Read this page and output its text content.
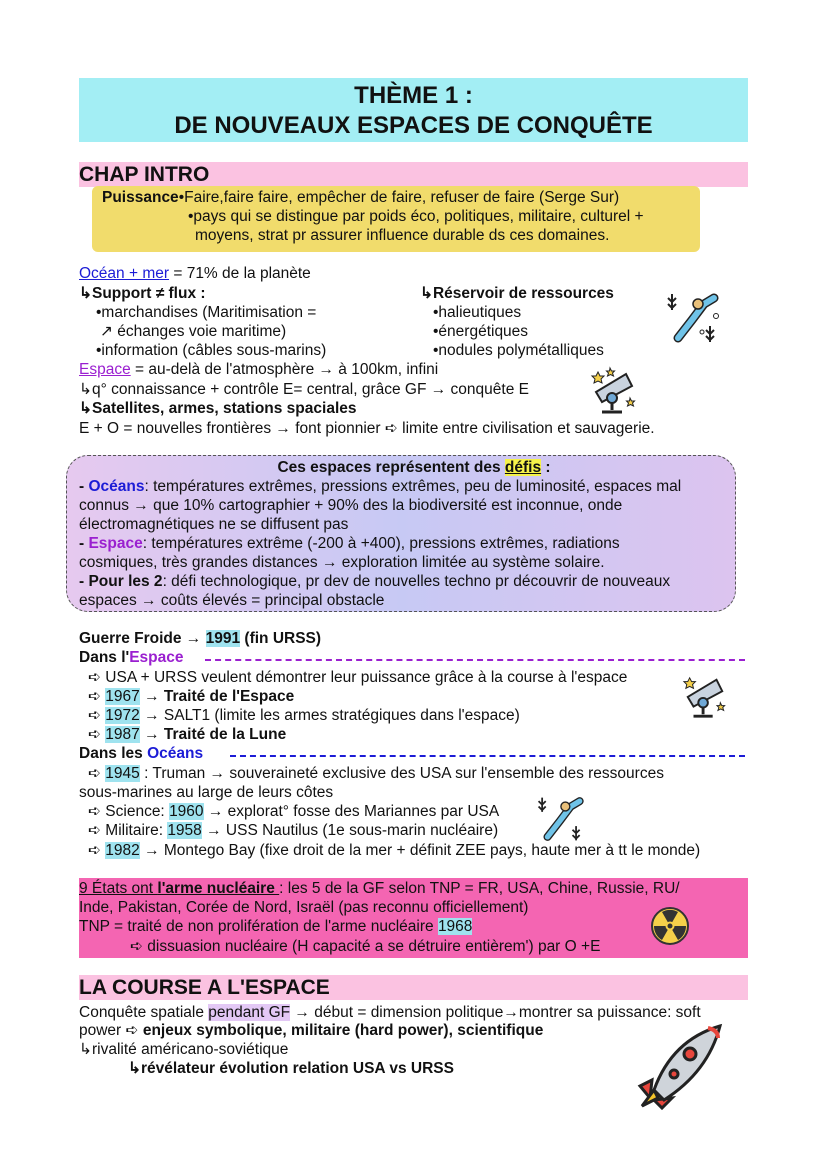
THÈME 1 :
DE NOUVEAUX ESPACES DE CONQUÊTE
CHAP INTRO
Puissance•Faire,faire faire, empêcher de faire, refuser de faire (Serge Sur)
•pays qui se distingue par poids éco, politiques, militaire, culturel +
moyens, strat pr assurer influence durable ds ces domaines.
Océan + mer = 71% de la planète
↳Support ≠ flux :
•marchandises (Maritimisation =
↗ échanges voie maritime)
•information (câbles sous-marins)
↳Réservoir de ressources
•halieutiques
•énergétiques
•nodules polymétalliques
Espace = au-delà de l'atmosphère → à 100km, infini
↳q° connaissance + contrôle E= central, grâce GF → conquête E
↳Satellites, armes, stations spaciales
E + O = nouvelles frontières → font pionnier ➪ limite entre civilisation et sauvagerie.
Ces espaces représentent des défis :
- Océans: températures extrêmes, pressions extrêmes, peu de luminosité, espaces mal
connus → que 10% cartographier + 90% des la biodiversité est inconnue, onde
électromagnétiques ne se diffusent pas
- Espace: températures extrême (-200 à +400), pressions extrêmes, radiations
cosmiques, très grandes distances → exploration limitée au système solaire.
- Pour les 2: défi technologique, pr dev de nouvelles techno pr découvrir de nouveaux
espaces → coûts élevés = principal obstacle
Guerre Froide → 1991 (fin URSS)
Dans l'Espace
➪ USA + URSS veulent démontrer leur puissance grâce à la course à l'espace
➪ 1967 → Traité de l'Espace
➪ 1972 → SALT1 (limite les armes stratégiques dans l'espace)
➪ 1987 → Traité de la Lune
Dans les Océans
➪ 1945 : Truman → souveraineté exclusive des USA sur l'ensemble des ressources
sous-marines au large de leurs côtes
➪ Science: 1960 → explorat° fosse des Mariannes par USA
➪ Militaire: 1958 → USS Nautilus (1e sous-marin nucléaire)
➪ 1982 → Montego Bay (fixe droit de la mer + définit ZEE pays, haute mer à tt le monde)
9 États ont l'arme nucléaire : les 5 de la GF selon TNP = FR, USA, Chine, Russie, RU/
Inde, Pakistan, Corée de Nord, Israël (pas reconnu officiellement)
TNP = traité de non prolifération de l'arme nucléaire 1968
➪ dissuasion nucléaire (H capacité a se détruire entièrem') par O +E
LA COURSE A L'ESPACE
Conquête spatiale pendant GF → début = dimension politique→montrer sa puissance: soft
power ➪ enjeux symbolique, militaire (hard power), scientifique
↳rivalité américano-soviétique
↳révélateur évolution relation USA vs URSS
